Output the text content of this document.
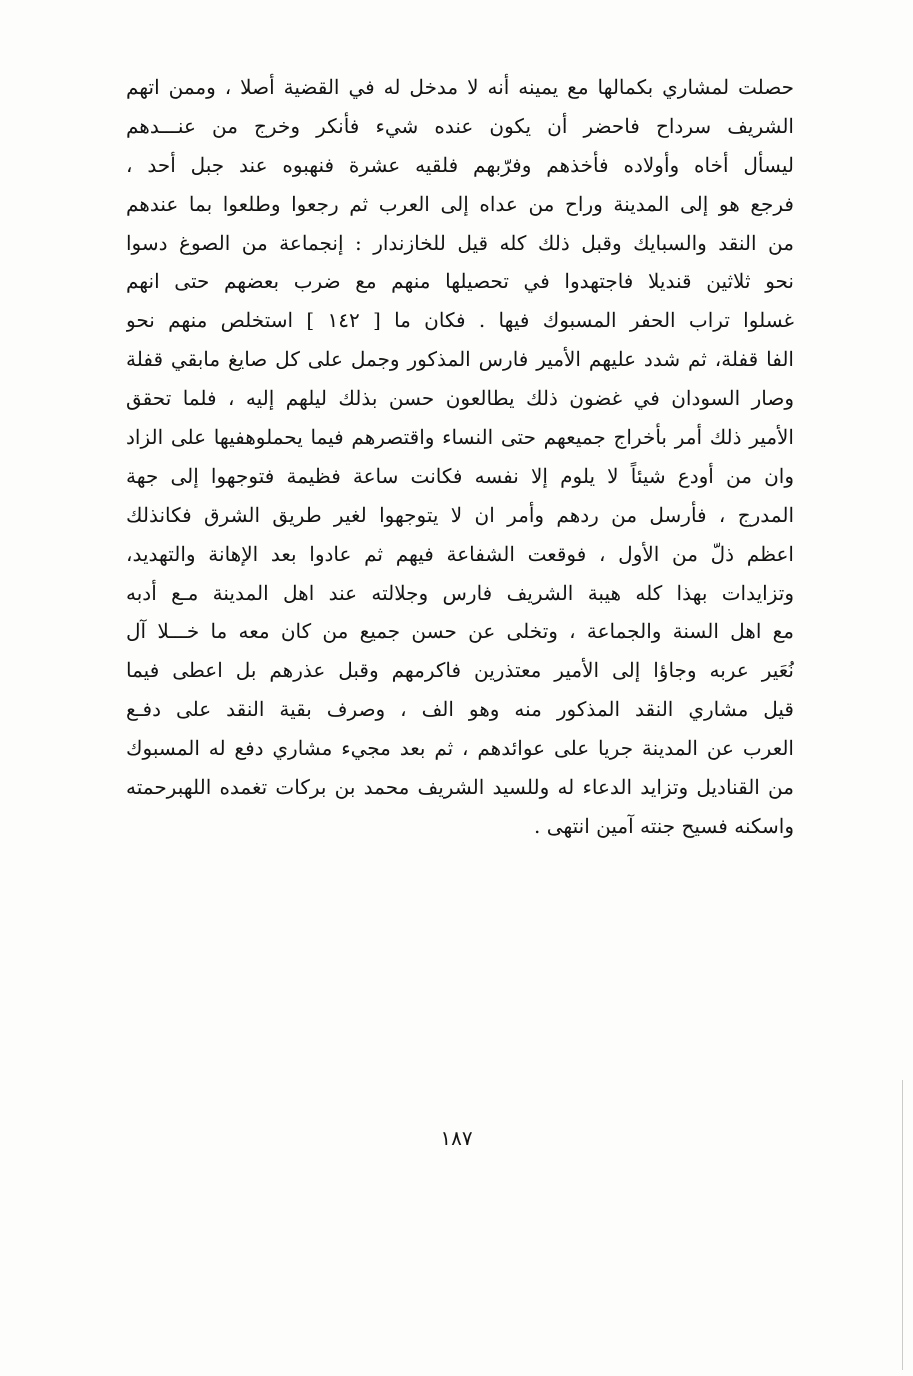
حصلت لمشاري بكمالها مع يمينه أنه لا مدخل له في القضية أصلا ، وممن اتهم
الشريف سرداح فاحضر أن يكون عنده شيء فأنكر وخرج من عنـــدهم
ليسأل أخاه وأولاده فأخذهم وفرّبهم فلقيه عشرة فنهبوه عند جبل أحد ،
فرجع هو إلى المدينة وراح من عداه إلى العرب ثم رجعوا وطلعوا بما عندهم
من النقد والسبايك وقبل ذلك كله قيل للخازندار : إنجماعة من الصوغ دسوا
نحو ثلاثين قنديلا فاجتهدوا في تحصيلها منهم مع ضرب بعضهم حتى انهم
غسلوا تراب الحفر المسبوك فيها . فكان ما [ ١٤٢ ] استخلص منهم نحو
الفا قفلة، ثم شدد عليهم الأمير فارس المذكور وجمل على كل صايغ مابقي قفلة
وصار السودان في غضون ذلك يطالعون حسن بذلك ليلهم إليه ، فلما تحقق
الأمير ذلك أمر بأخراج جميعهم حتى النساء واقتصرهم فيما يحملوهفيها على الزاد
وان من أودع شيئاً لا يلوم إلا نفسه فكانت ساعة فظيمة فتوجهوا إلى جهة
المدرج ، فأرسل من ردهم وأمر ان لا يتوجهوا لغير طريق الشرق فكانذلك
اعظم ذلّ من الأول ، فوقعت الشفاعة فيهم ثم عادوا بعد الإهانة والتهديد،
وتزايدات بهذا كله هيبة الشريف فارس وجلالته عند اهل المدينة مـع أدبه
مع اهل السنة والجماعة ، وتخلى عن حسن جميع من كان معه ما خـــلا آل
نُعَير عربه وجاؤا إلى الأمير معتذرين فاكرمهم وقبل عذرهم بل اعطى فيما
قيل مشاري النقد المذكور منه وهو الف ، وصرف بقية النقد على دفـع
العرب عن المدينة جريا على عوائدهم ، ثم بعد مجيء مشاري دفع له المسبوك
من القناديل وتزايد الدعاء له وللسيد الشريف محمد بن بركات تغمده اللهبرحمته
واسكنه فسيح جنته آمين انتهى .
١٨٧
